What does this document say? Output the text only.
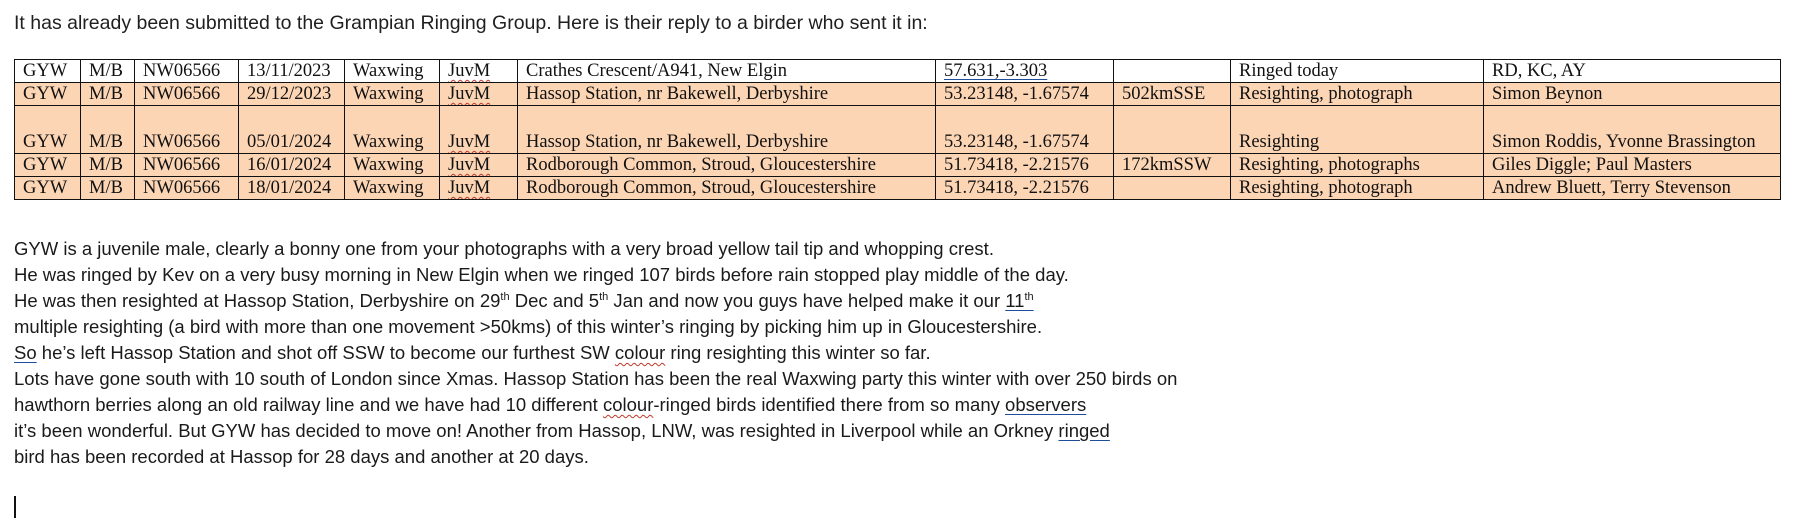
It has already been submitted to the Grampian Ringing Group. Here is their reply to a birder who sent it in:
GYW	M/B	NW06566	13/11/2023	Waxwing	JuvM	Crathes Crescent/A941, New Elgin	57.631,-3.303		Ringed today	RD, KC, AY
GYW	M/B	NW06566	29/12/2023	Waxwing	JuvM	Hassop Station, nr Bakewell, Derbyshire	53.23148, -1.67574	502kmSSE	Resighting, photograph	Simon Beynon
GYW	M/B	NW06566	05/01/2024	Waxwing	JuvM	Hassop Station, nr Bakewell, Derbyshire	53.23148, -1.67574		Resighting	Simon Roddis, Yvonne Brassington
GYW	M/B	NW06566	16/01/2024	Waxwing	JuvM	Rodborough Common, Stroud, Gloucestershire	51.73418, -2.21576	172kmSSW	Resighting, photographs	Giles Diggle; Paul Masters
GYW	M/B	NW06566	18/01/2024	Waxwing	JuvM	Rodborough Common, Stroud, Gloucestershire	51.73418, -2.21576		Resighting, photograph	Andrew Bluett, Terry Stevenson

GYW is a juvenile male, clearly a bonny one from your photographs with a very broad yellow tail tip and whopping crest.

He was ringed by Kev on a very busy morning in New Elgin when we ringed 107 birds before rain stopped play middle of the day.

He was then resighted at Hassop Station, Derbyshire on 29th Dec and 5th Jan and now you guys have helped make it our 11th

multiple resighting (a bird with more than one movement >50kms) of this winter’s ringing by picking him up in Gloucestershire.

So he’s left Hassop Station and shot off SSW to become our furthest SW colour ring resighting this winter so far.

Lots have gone south with 10 south of London since Xmas. Hassop Station has been the real Waxwing party this winter with over 250 birds on

hawthorn berries along an old railway line and we have had 10 different colour-ringed birds identified there from so many observers

it’s been wonderful. But GYW has decided to move on! Another from Hassop, LNW, was resighted in Liverpool while an Orkney ringed

bird has been recorded at Hassop for 28 days and another at 20 days.
